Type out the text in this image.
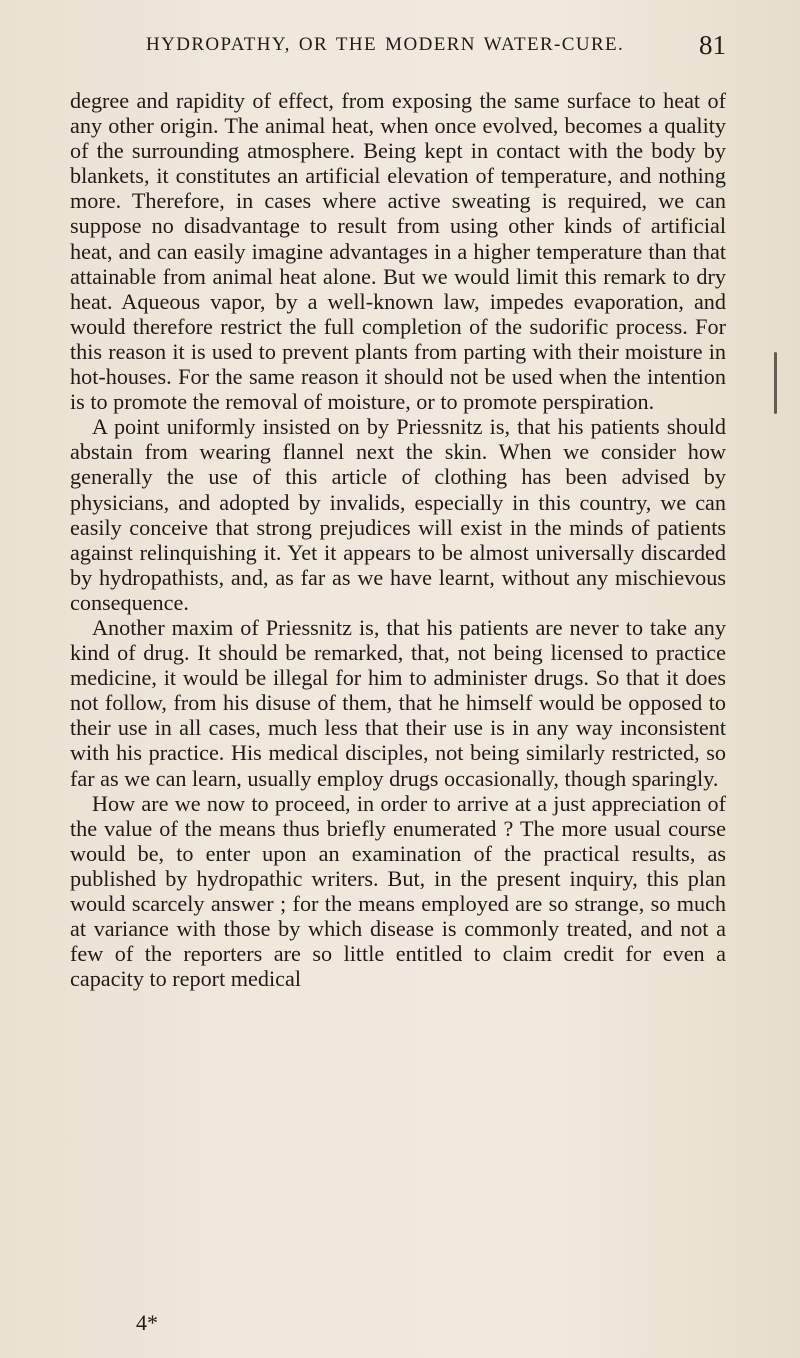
HYDROPATHY, OR THE MODERN WATER-CURE.	81

degree and rapidity of effect, from exposing the same surface to heat of any other origin. The animal heat, when once evolved, becomes a quality of the surrounding atmosphere. Being kept in contact with the body by blankets, it constitutes an artificial elevation of temperature, and nothing more. Therefore, in cases where active sweating is required, we can suppose no disadvantage to result from using other kinds of artificial heat, and can easily imagine advantages in a higher temperature than that attainable from animal heat alone. But we would limit this remark to dry heat. Aqueous vapor, by a well-known law, impedes evaporation, and would therefore restrict the full completion of the sudorific process. For this reason it is used to prevent plants from parting with their moisture in hot-houses. For the same reason it should not be used when the intention is to promote the removal of moisture, or to promote perspiration.

A point uniformly insisted on by Priessnitz is, that his patients should abstain from wearing flannel next the skin. When we consider how generally the use of this article of clothing has been advised by physicians, and adopted by invalids, especially in this country, we can easily conceive that strong prejudices will exist in the minds of patients against relinquishing it. Yet it appears to be almost universally discarded by hydropathists, and, as far as we have learnt, without any mischievous consequence.

Another maxim of Priessnitz is, that his patients are never to take any kind of drug. It should be remarked, that, not being licensed to practice medicine, it would be illegal for him to administer drugs. So that it does not follow, from his disuse of them, that he himself would be opposed to their use in all cases, much less that their use is in any way inconsistent with his practice. His medical disciples, not being similarly restricted, so far as we can learn, usually employ drugs occasionally, though sparingly.

How are we now to proceed, in order to arrive at a just appreciation of the value of the means thus briefly enumerated ? The more usual course would be, to enter upon an examination of the practical results, as published by hydropathic writers. But, in the present inquiry, this plan would scarcely answer ; for the means employed are so strange, so much at variance with those by which disease is commonly treated, and not a few of the reporters are so little entitled to claim credit for even a capacity to report medical

4*
